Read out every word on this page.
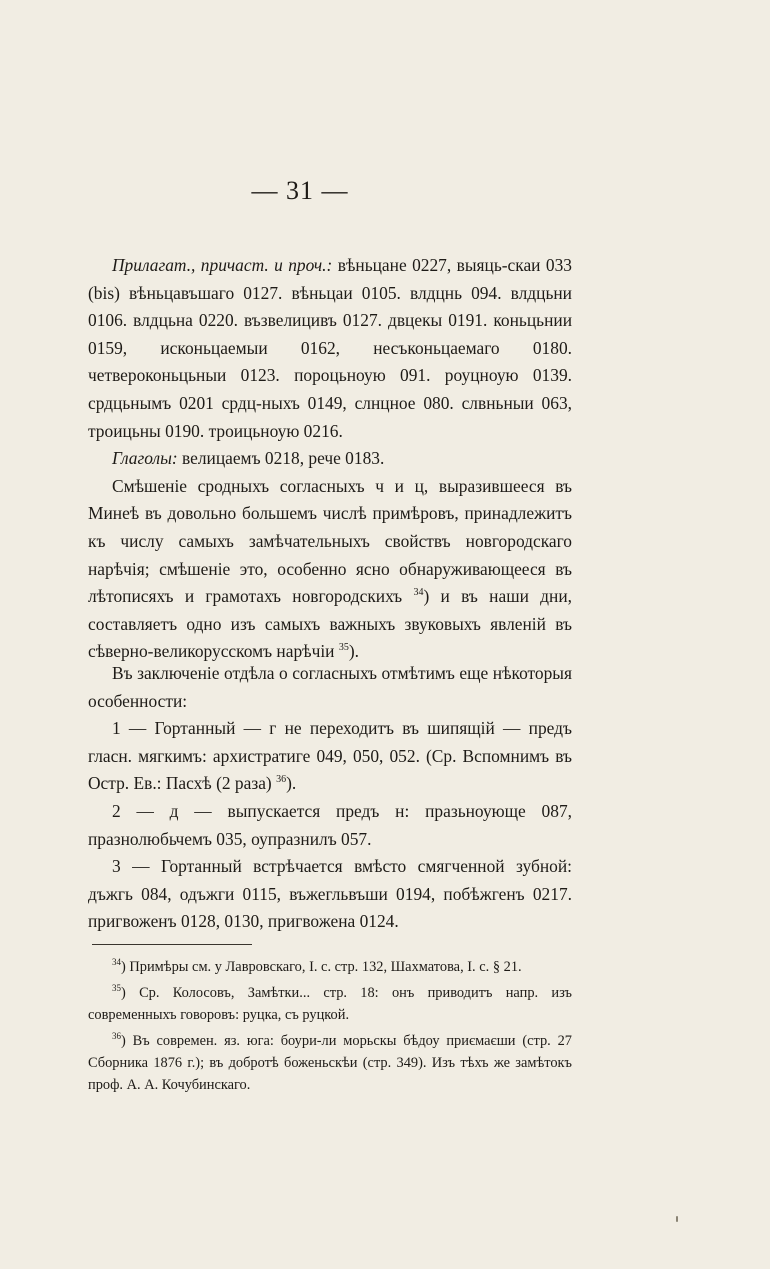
— 31 —

Прилагат., причаст. и проч.: вѣньцане 0227, выяць-скаи 033 (bis) вѣньцавъшаго 0127. вѣньцаи 0105. влдцнь 094. влдцьни 0106. влдцьна 0220. възвелицивъ 0127. двцекы 0191. коньцьнии 0159, исконьцаемыи 0162, несъконьцаемаго 0180. четвероконьцьныи 0123. пороцьноую 091. роуцноую 0139. срдцьнымъ 0201 срдц-ныхъ 0149, слнцное 080. слвньныи 063, троицьны 0190. троицьноую 0216.

Глаголы: велицаемъ 0218, рече 0183.

Смѣшеніе сродныхъ согласныхъ ч и ц, выразившееся въ Минеѣ въ довольно большемъ числѣ примѣровъ, принадлежитъ къ числу самыхъ замѣчательныхъ свойствъ новгородскаго нарѣчія; смѣшеніе это, особенно ясно обнаруживающееся въ лѣтописяхъ и грамотахъ новгородскихъ $^{34}$) и въ наши дни, составляетъ одно изъ самыхъ важныхъ звуковыхъ явленій въ сѣверно-великорусскомъ нарѣчіи $^{35}$).

Въ заключеніе отдѣла о согласныхъ отмѣтимъ еще нѣкоторыя особенности:

1 — Гортанный — г не переходитъ въ шипящій — предъ гласн. мягкимъ: архистратиге 049, 050, 052. (Ср. Вспомнимъ въ Остр. Ев.: Пасхѣ (2 раза) $^{36}$).

2 — д — выпускается предъ н: празьноующе 087, празнолюбьчемъ 035, оупразнилъ 057.

3 — Гортанный встрѣчается вмѣсто смягченной зубной: дъжгь 084, одъжги 0115, въжегльвъши 0194, побѣжгенъ 0217. пригвоженъ 0128, 0130, пригвожена 0124.

$^{34}$) Примѣры см. у Лавровскаго, I. с. стр. 132, Шахматова, I. с. § 21.

$^{35}$) Ср. Колосовъ, Замѣтки... стр. 18: онъ приводитъ напр. изъ современныхъ говоровъ: руцка, съ руцкой.

$^{36}$) Въ современ. яз. юга: боури-ли морьскы бѣдоу приємаєши (стр. 27 Сборника 1876 г.); въ добротѣ боженьскѣи (стр. 349). Изъ тѣхъ же замѣтокъ проф. А. А. Кочубинскаго.
